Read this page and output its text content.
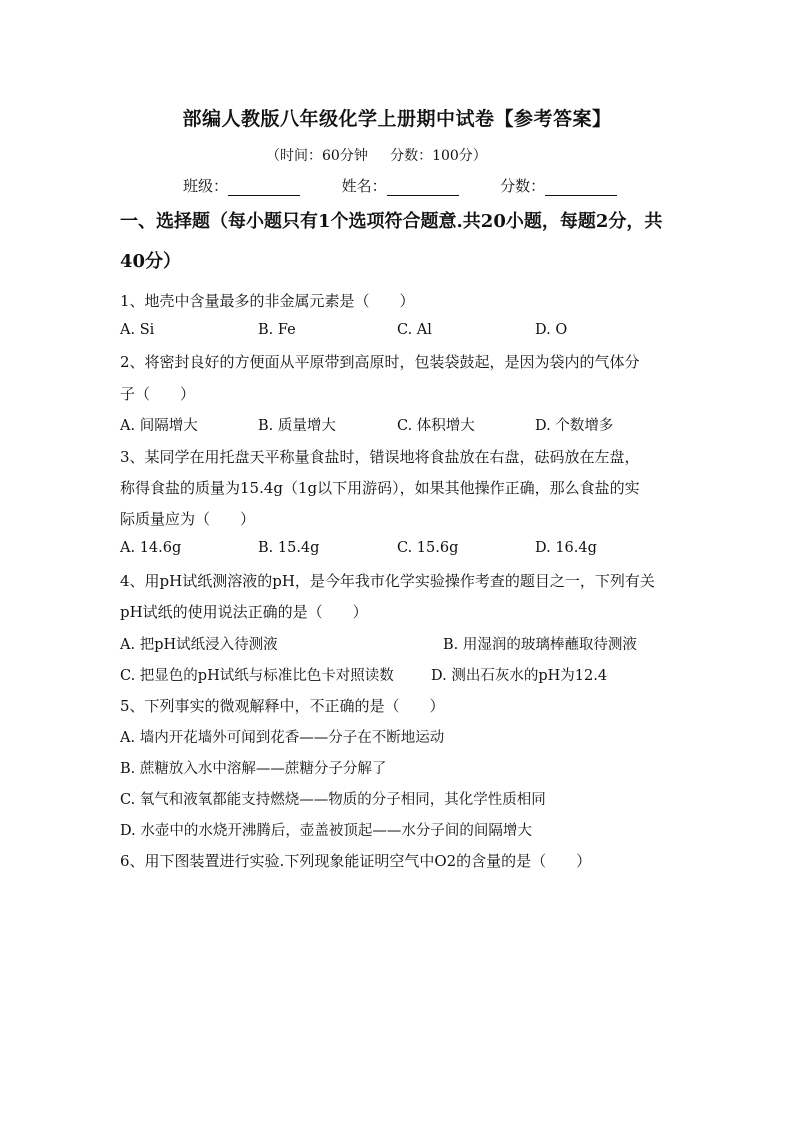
部编人教版八年级化学上册期中试卷【参考答案】
（时间：60分钟     分数：100分）
班级：	姓名：	分数：
一、选择题（每小题只有1个选项符合题意.共20小题，每题2分，共
40分）
1、地壳中含量最多的非金属元素是（　　）
A. Si	B. Fe	C. Al	D. O
2、将密封良好的方便面从平原带到高原时，包装袋鼓起，是因为袋内的气体分
子（　　）
A. 间隔增大	B. 质量增大	C. 体积增大	D. 个数增多
3、某同学在用托盘天平称量食盐时，错误地将食盐放在右盘，砝码放在左盘，
称得食盐的质量为15.4g（1g以下用游码），如果其他操作正确，那么食盐的实
际质量应为（　　）
A. 14.6g	B. 15.4g	C. 15.6g	D. 16.4g
4、用pH试纸测溶液的pH，是今年我市化学实验操作考查的题目之一，下列有关
pH试纸的使用说法正确的是（　　）
A. 把pH试纸浸入待测液	B. 用湿润的玻璃棒蘸取待测液
C. 把显色的pH试纸与标准比色卡对照读数	D. 测出石灰水的pH为12.4
5、下列事实的微观解释中，不正确的是（　　）
A. 墙内开花墙外可闻到花香——分子在不断地运动
B. 蔗糖放入水中溶解——蔗糖分子分解了
C. 氧气和液氧都能支持燃烧——物质的分子相同，其化学性质相同
D. 水壶中的水烧开沸腾后，壶盖被顶起——水分子间的间隔增大
6、用下图装置进行实验.下列现象能证明空气中O2的含量的是（　　）
